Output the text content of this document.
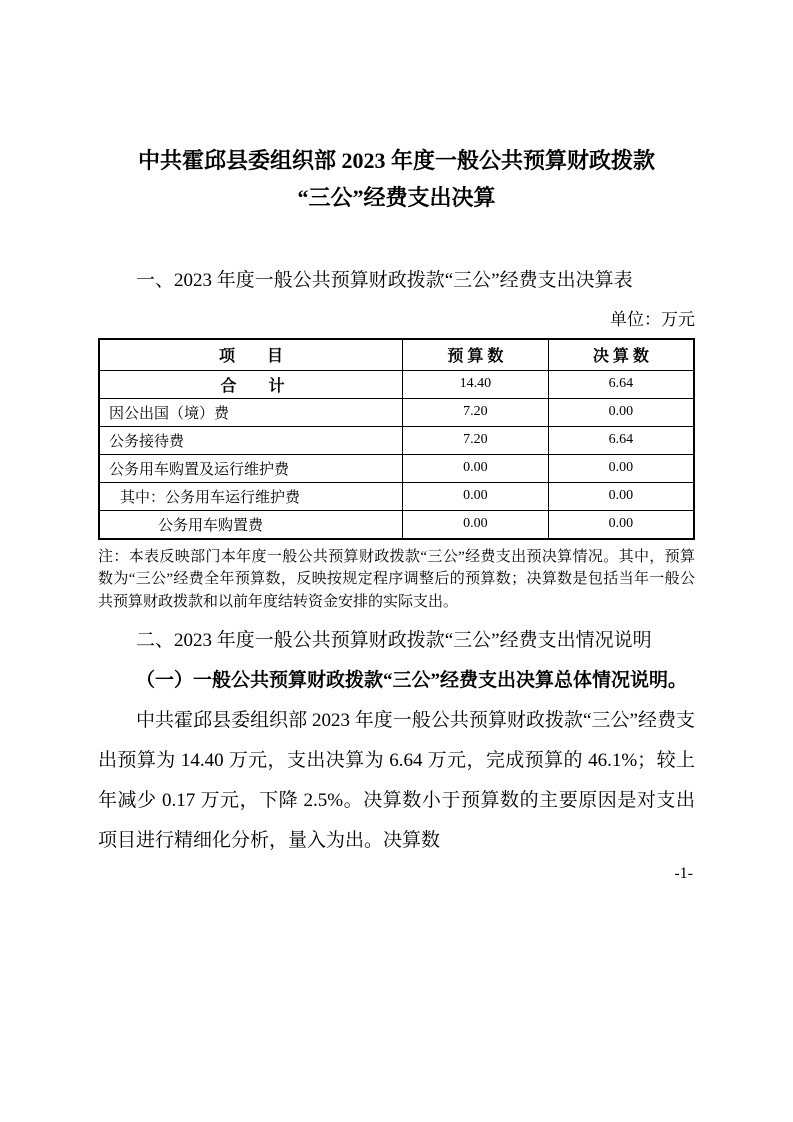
中共霍邱县委组织部 2023 年度一般公共预算财政拨款
“三公”经费支出决算

一、2023 年度一般公共预算财政拨款“三公”经费支出决算表

单位：万元

项　　目	预 算 数	决 算 数
合　　计	14.40	6.64
因公出国（境）费	7.20	0.00
公务接待费	7.20	6.64
公务用车购置及运行维护费	0.00	0.00
其中：公务用车运行维护费	0.00	0.00
公务用车购置费	0.00	0.00

注：本表反映部门本年度一般公共预算财政拨款“三公”经费支出预决算情况。其中，预算数为“三公”经费全年预算数，反映按规定程序调整后的预算数；决算数是包括当年一般公共预算财政拨款和以前年度结转资金安排的实际支出。

二、2023 年度一般公共预算财政拨款“三公”经费支出情况说明

（一）一般公共预算财政拨款“三公”经费支出决算总体情况说明。

中共霍邱县委组织部 2023 年度一般公共预算财政拨款“三公”经费支出预算为 14.40 万元，支出决算为 6.64 万元，完成预算的 46.1%；较上年减少 0.17 万元，下降 2.5%。决算数小于预算数的主要原因是对支出项目进行精细化分析，量入为出。决算数

-1-
